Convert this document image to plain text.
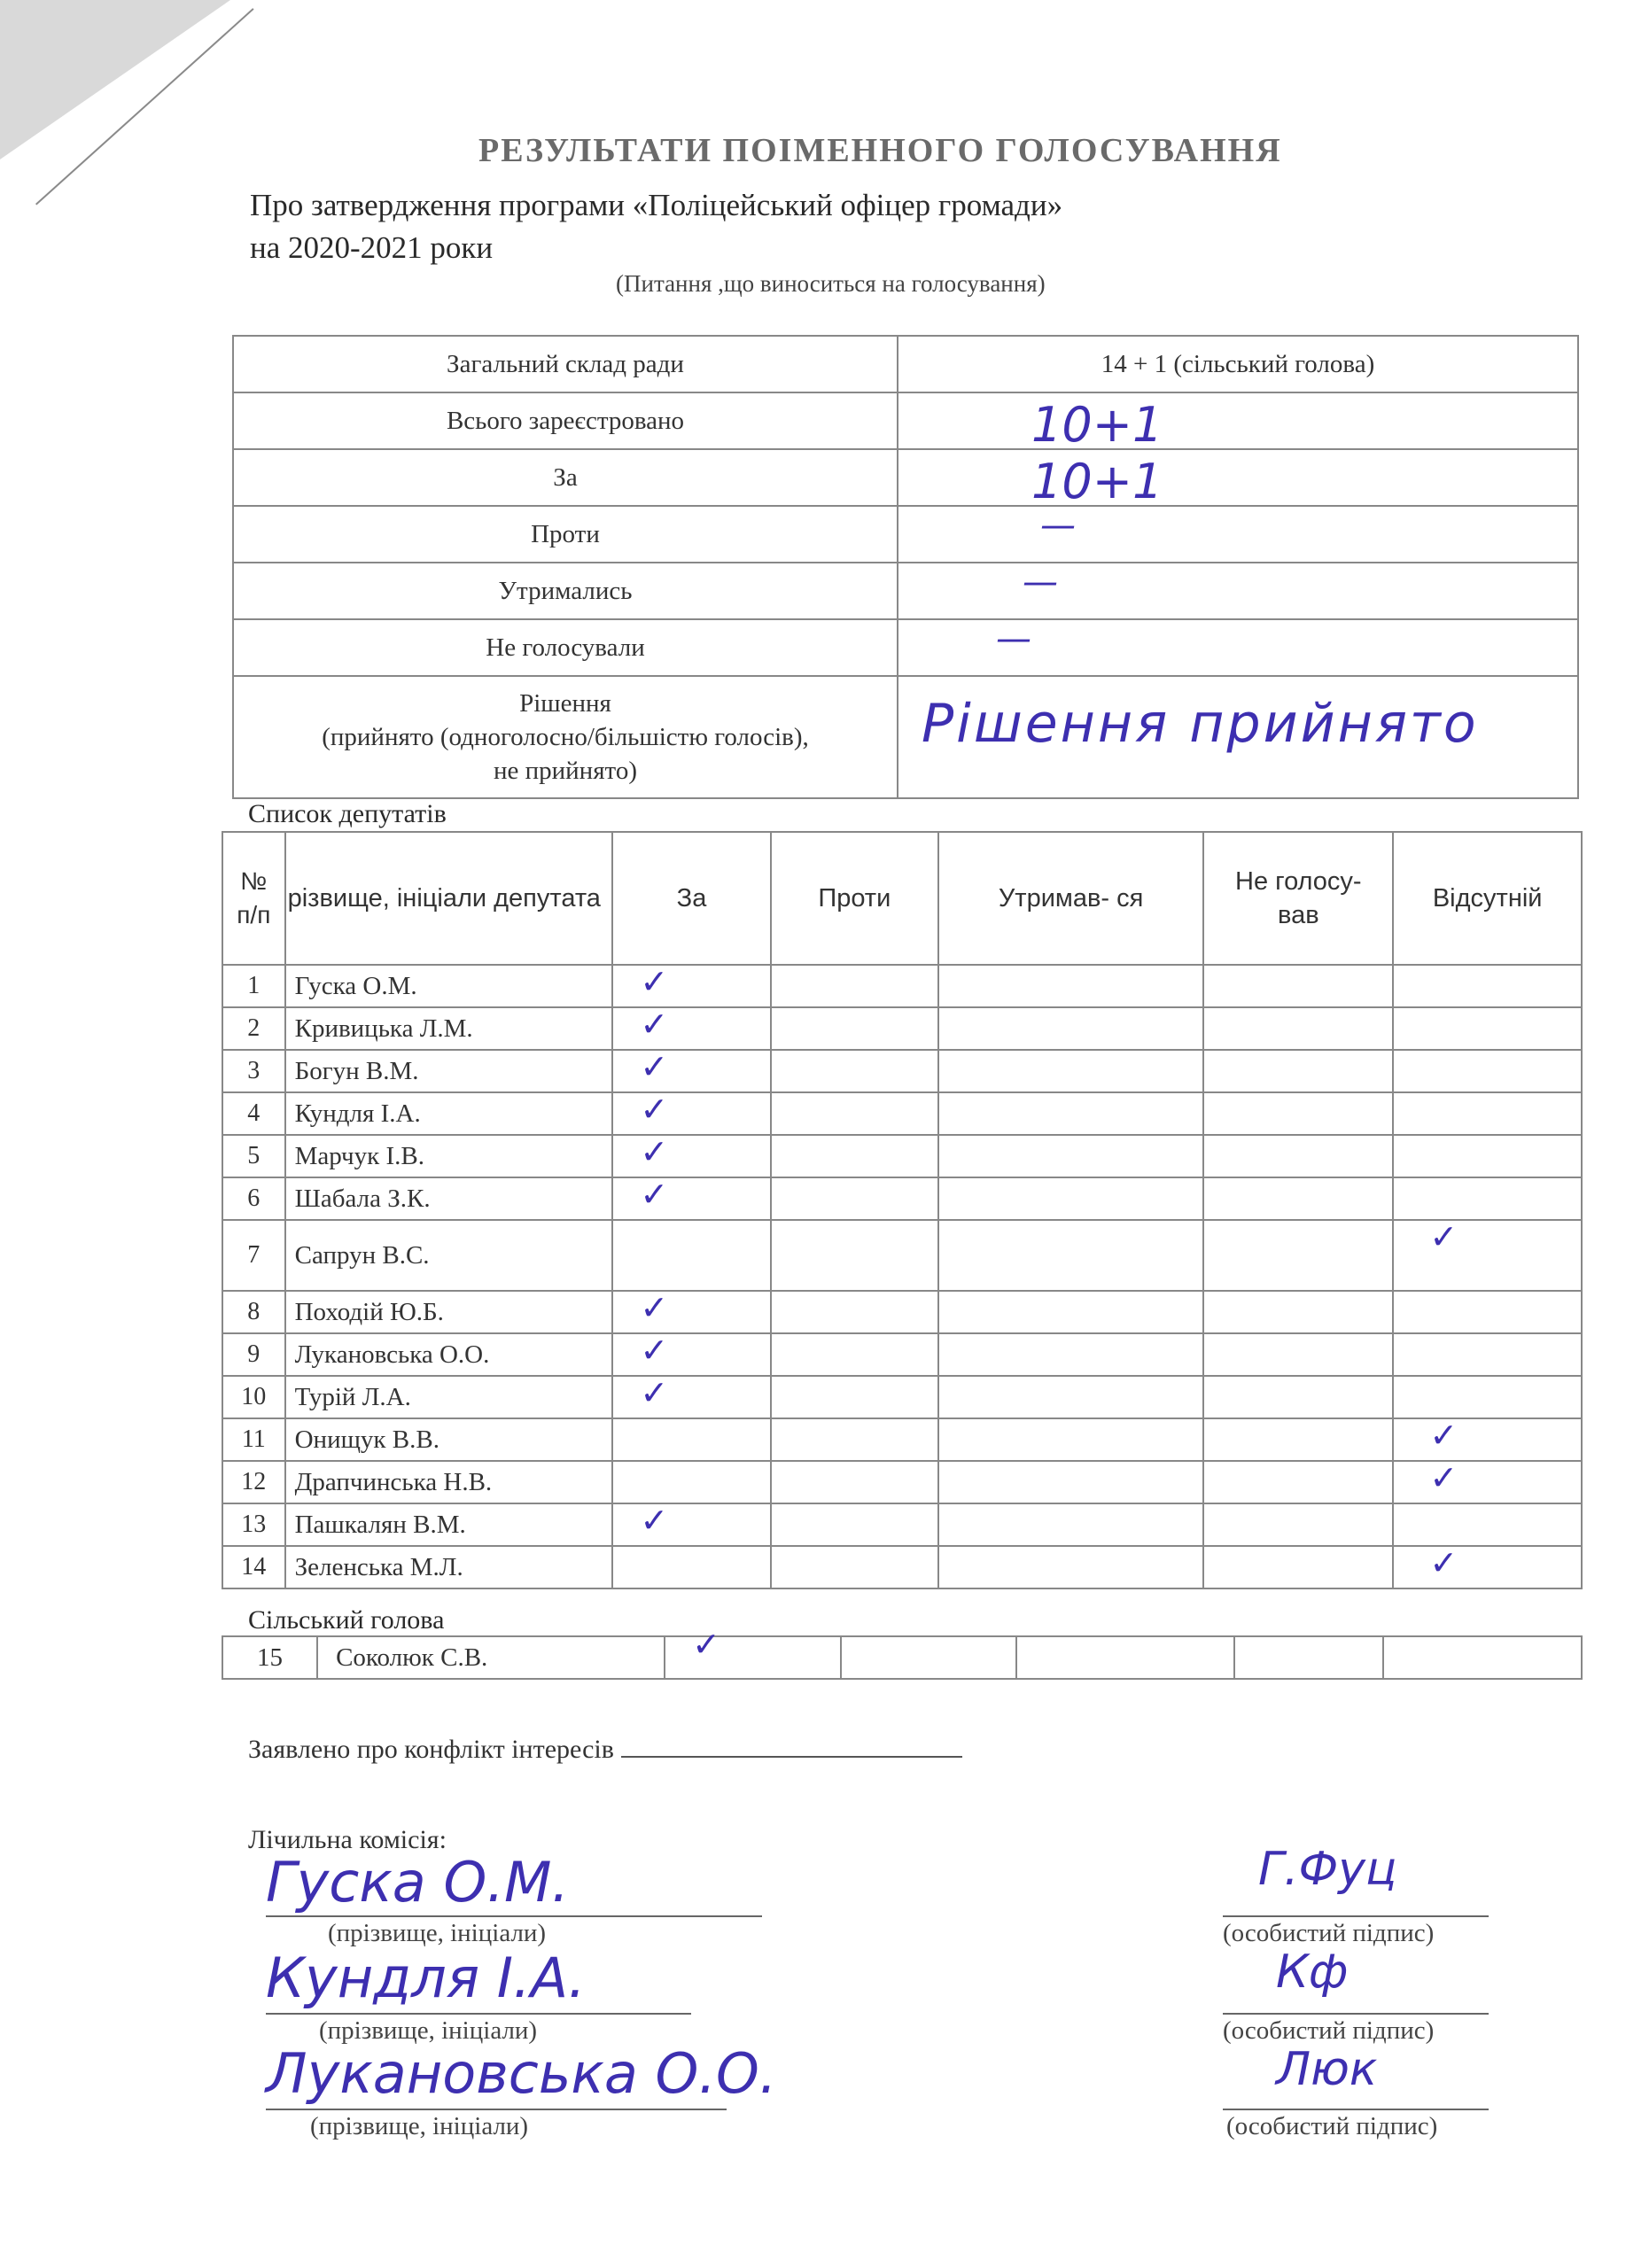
РЕЗУЛЬТАТИ ПОІМЕННОГО ГОЛОСУВАННЯ
Про затвердження програми «Поліцейський офіцер громади»
на 2020-2021 роки
(Питання ,що виноситься на голосування)
Загальний склад ради	14 + 1 (сільський голова)
Всього зареєстровано	10+1

За	10+1

Проти	—

Утримались	—

Не голосували	—

Рішення
(прийнято (одноголосно/більшістю голосів),
не прийнято)	Рішення прийнято
Список депутатів
№ п/п	різвище, ініціали депутата	За	Проти	Утримав- ся	Не голосу- вав	Відсутній
1	Гуска О.М.	✓				

2	Кривицька Л.М.	✓				

3	Богун В.М.	✓				

4	Кундля І.А.	✓				

5	Марчук І.В.	✓				

6	Шабала З.К.	✓				

7	Сапрун В.С.					✓

8	Походій Ю.Б.	✓				

9	Лукановська О.О.	✓				

10	Турій Л.А.	✓				

11	Онищук В.В.					✓

12	Драпчинська Н.В.					✓

13	Пашкалян В.М.	✓				

14	Зеленська М.Л.					✓
Сільський голова
15	Соколюк С.В.	✓

Заявлено про конфлікт інтересів
Лічильна комісія:
Гуска О.М.
(прізвище, ініціали)
Г.Фуц
(особистий підпис)
Кундля І.А.
(прізвище, ініціали)
Кф
(особистий підпис)
Лукановська О.О.
(прізвище, ініціали)
Люк
(особистий підпис)
